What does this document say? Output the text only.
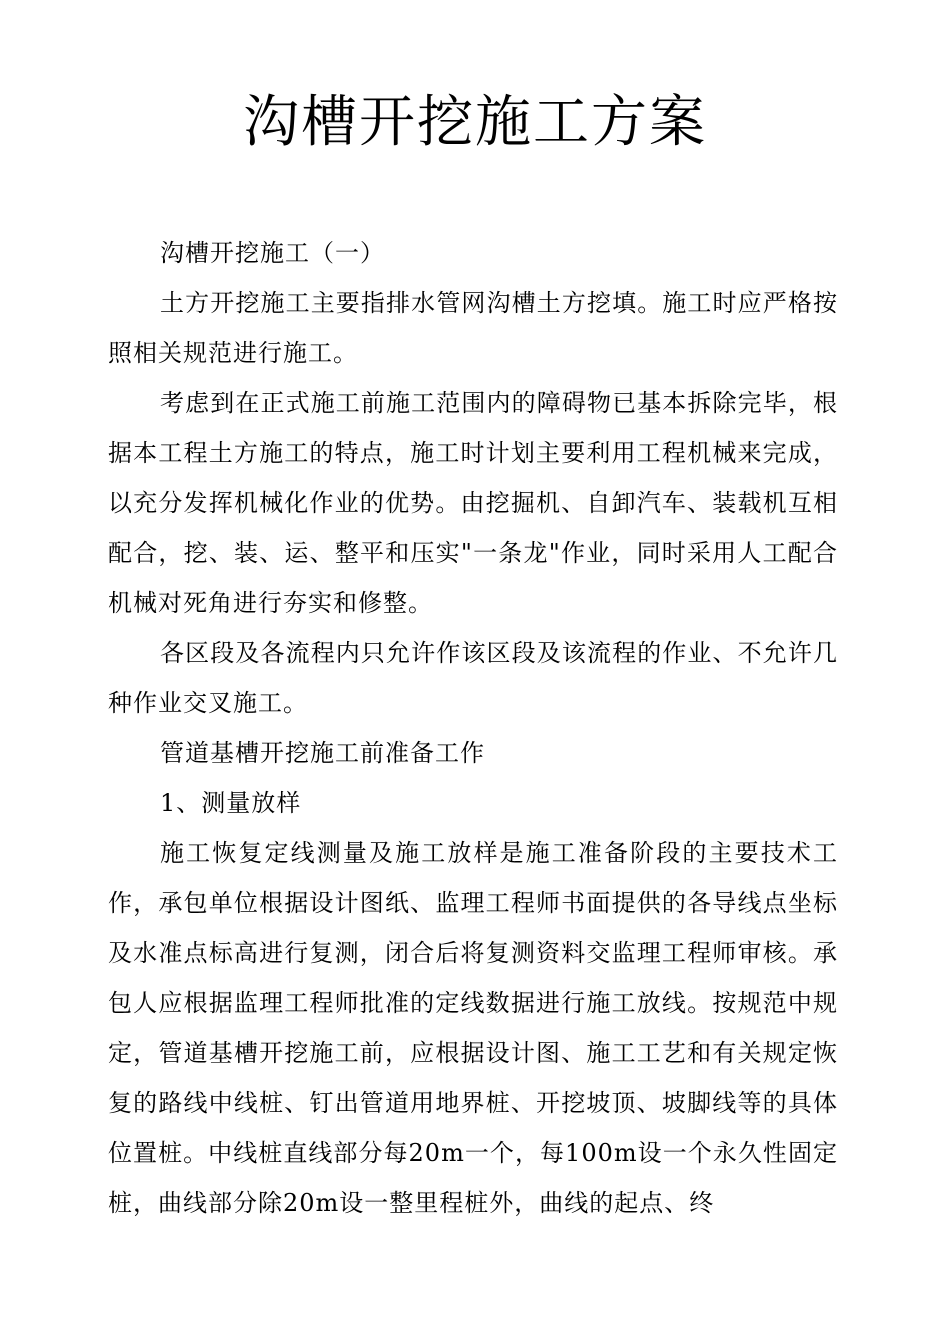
沟槽开挖施工方案

沟槽开挖施工（一）

土方开挖施工主要指排水管网沟槽土方挖填。施工时应严格按照相关规范进行施工。

考虑到在正式施工前施工范围内的障碍物已基本拆除完毕，根据本工程土方施工的特点，施工时计划主要利用工程机械来完成，以充分发挥机械化作业的优势。由挖掘机、自卸汽车、装载机互相配合，挖、装、运、整平和压实"一条龙"作业，同时采用人工配合机械对死角进行夯实和修整。

各区段及各流程内只允许作该区段及该流程的作业、不允许几种作业交叉施工。

管道基槽开挖施工前准备工作

1、测量放样

施工恢复定线测量及施工放样是施工准备阶段的主要技术工作，承包单位根据设计图纸、监理工程师书面提供的各导线点坐标及水准点标高进行复测，闭合后将复测资料交监理工程师审核。承包人应根据监理工程师批准的定线数据进行施工放线。按规范中规定，管道基槽开挖施工前，应根据设计图、施工工艺和有关规定恢复的路线中线桩、钉出管道用地界桩、开挖坡顶、坡脚线等的具体位置桩。中线桩直线部分每20m一个，每100m设一个永久性固定桩，曲线部分除20m设一整里程桩外，曲线的起点、终
